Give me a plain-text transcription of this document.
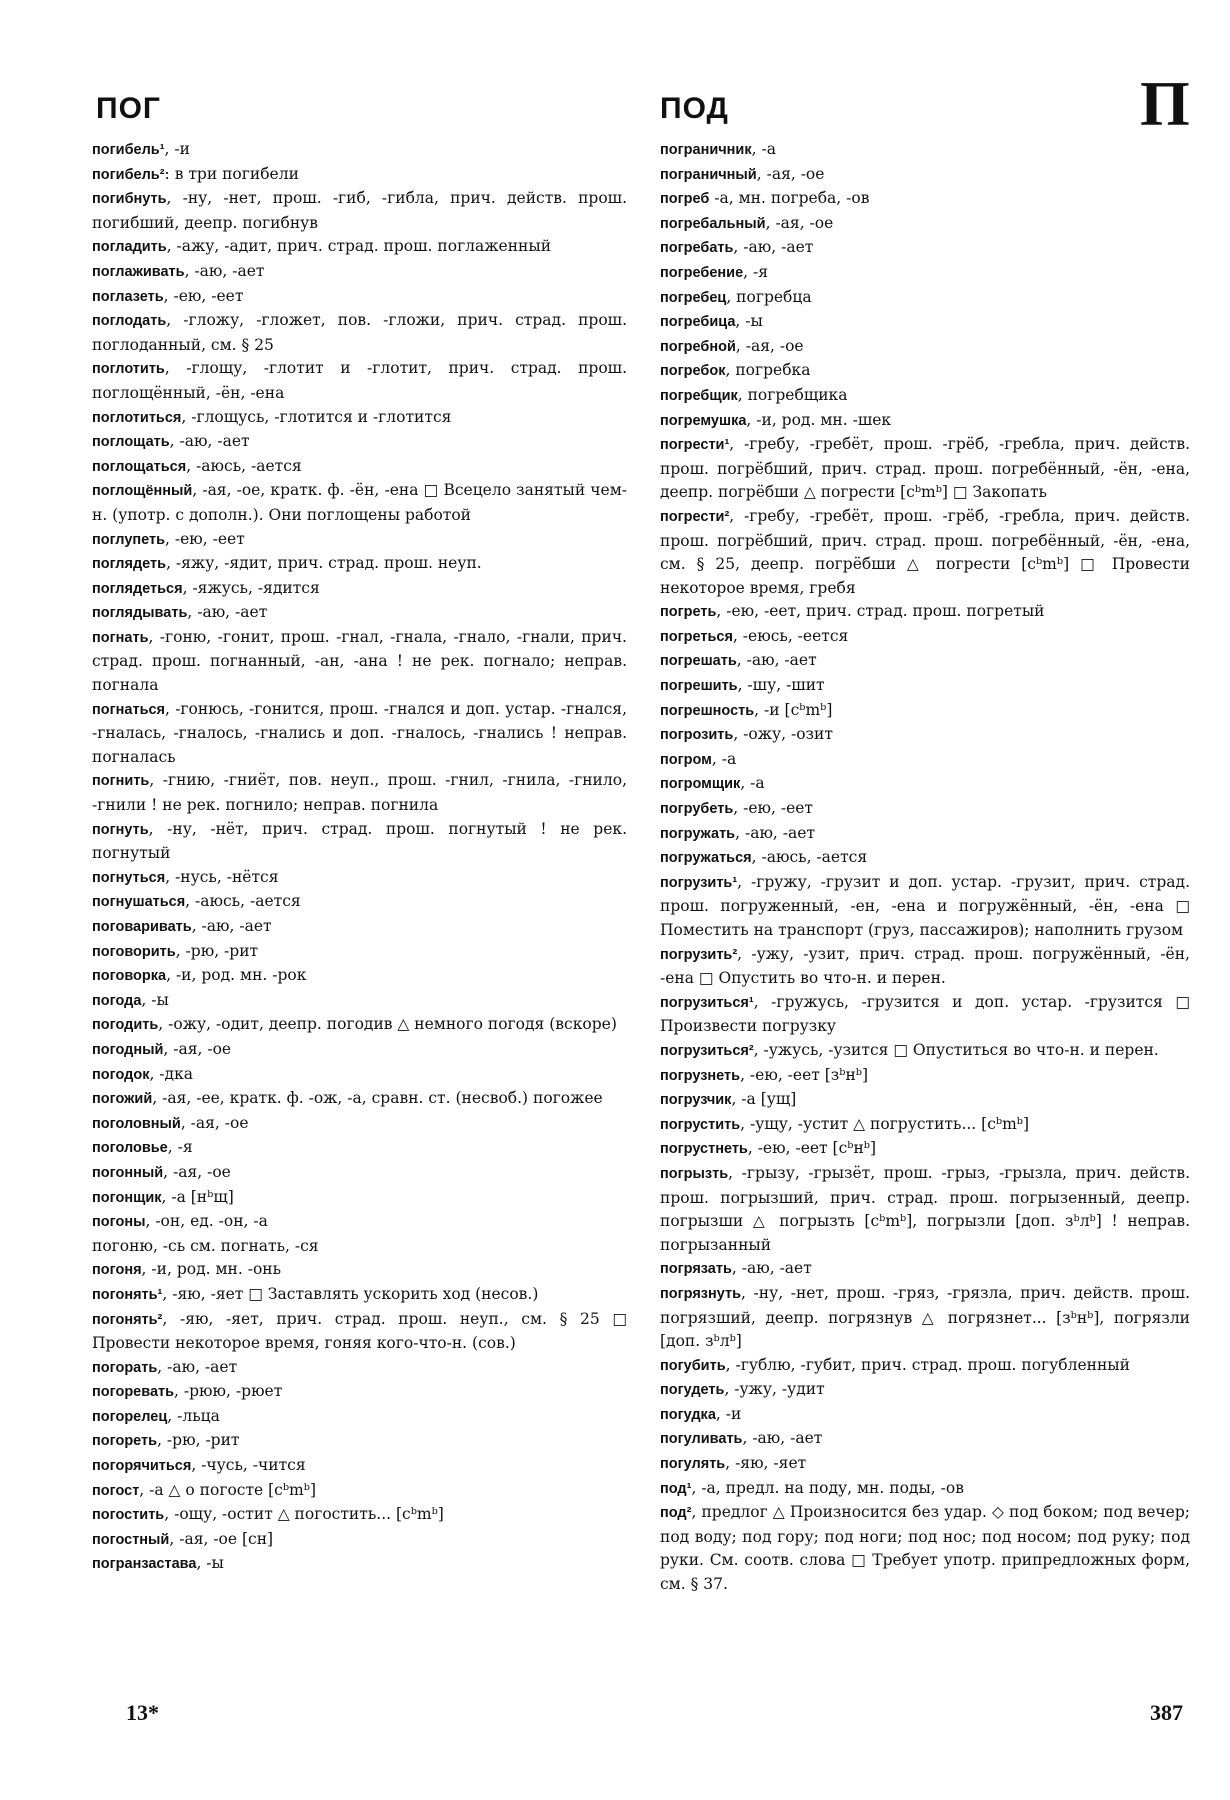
ПОГ	ПОД	П
погибель¹, -и
погибель²: в три погибели
погибнуть, -ну, -нет, прош. -гиб, -гибла, прич. действ. прош. погибший, деепр. погибнув
погладить, -ажу, -адит, прич. страд. прош. поглаженный
поглаживать, -аю, -ает
поглазеть, -ею, -еет
поглодать, -гложу, -гложет, пов. -гложи, прич. страд. прош. поглоданный, см. § 25
поглотить, -глощу, -глотит и -глотит, прич. страд. прош. поглощённый, -ён, -ена
поглотиться, -глощусь, -глотится и -глотится
поглощать, -аю, -ает
поглощаться, -аюсь, -ается
поглощённый, -ая, -ое, кратк. ф. -ён, -ена □ Всецело занятый чем-н. (употр. с дополн.). Они поглощены работой
поглупеть, -ею, -еет
поглядеть, -яжу, -ядит, прич. страд. прош. неуп.
поглядеться, -яжусь, -ядится
поглядывать, -аю, -ает
погнать, -гоню, -гонит, прош. -гнал, -гнала, -гнало, -гнали, прич. страд. прош. погнанный, -ан, -ана ! не рек. погнало; неправ. погнала
погнаться, -гонюсь, -гонится, прош. -гнался и доп. устар. -гнался, -гналась, -гналось, -гнались и доп. -гналось, -гнались ! неправ. погналась
погнить, -гнию, -гниёт, пов. неуп., прош. -гнил, -гнила, -гнило, -гнили ! не рек. погнило; неправ. погнила
погнуть, -ну, -нёт, прич. страд. прош. погнутый ! не рек. погнутый
погнуться, -нусь, -нётся
погнушаться, -аюсь, -ается
поговаривать, -аю, -ает
поговорить, -рю, -рит
поговорка, -и, род. мн. -рок
погода, -ы
погодить, -ожу, -одит, деепр. погодив △ немного погодя (вскоре)
погодный, -ая, -ое
погодок, -дка
погожий, -ая, -ее, кратк. ф. -ож, -а, сравн. ст. (несвоб.) погожее
поголовный, -ая, -ое
поголовье, -я
погонный, -ая, -ое
погонщик, -а [нᵇщ]
погоны, -он, ед. -он, -а
погоню, -сь см. погнать, -ся
погоня, -и, род. мн. -онь
погонять¹, -яю, -яет □ Заставлять ускорить ход (несов.)
погонять², -яю, -яет, прич. страд. прош. неуп., см. § 25 □ Провести некоторое время, гоняя кого-что-н. (сов.)
погорать, -аю, -ает
погоревать, -рюю, -рюет
погорелец, -льца
погореть, -рю, -рит
погорячиться, -чусь, -чится
погост, -а △ о погосте [cᵇmᵇ]
погостить, -ощу, -остит △ погостить... [cᵇmᵇ]
погостный, -ая, -ое [сн]
погранзастава, -ы
пограничник, -а
пограничный, -ая, -ое
погреб -а, мн. погреба, -ов
погребальный, -ая, -ое
погребать, -аю, -ает
погребение, -я
погребец, погребца
погребица, -ы
погребной, -ая, -ое
погребок, погребка
погребщик, погребщика
погремушка, -и, род. мн. -шек
погрести¹, -гребу, -гребёт, прош. -грёб, -гребла, прич. действ. прош. погрёбший, прич. страд. прош. погребённый, -ён, -ена, деепр. погрёбши △ погрести [cᵇmᵇ] □ Закопать
погрести², -гребу, -гребёт, прош. -грёб, -гребла, прич. действ. прош. погрёбший, прич. страд. прош. погребённый, -ён, -ена, см. § 25, деепр. погрёбши △ погрести [cᵇmᵇ] □ Провести некоторое время, гребя
погреть, -ею, -еет, прич. страд. прош. погретый
погреться, -еюсь, -еется
погрешать, -аю, -ает
погрешить, -шу, -шит
погрешность, -и [cᵇmᵇ]
погрозить, -ожу, -озит
погром, -а
погромщик, -а
погрубеть, -ею, -еет
погружать, -аю, -ает
погружаться, -аюсь, -ается
погрузить¹, -гружу, -грузит и доп. устар. -грузит, прич. страд. прош. погруженный, -ен, -ена и погружённый, -ён, -ена □ Поместить на транспорт (груз, пассажиров); наполнить грузом
погрузить², -ужу, -узит, прич. страд. прош. погружённый, -ён, -ена □ Опустить во что-н. и перен.
погрузиться¹, -гружусь, -грузится и доп. устар. -грузится □ Произвести погрузку
погрузиться², -ужусь, -узится □ Опуститься во что-н. и перен.
погрузнеть, -ею, -еет [зᵇнᵇ]
погрузчик, -а [ущ]
погрустить, -ущу, -устит △ погрустить... [cᵇmᵇ]
погрустнеть, -ею, -еет [cᵇнᵇ]
погрызть, -грызу, -грызёт, прош. -грыз, -грызла, прич. действ. прош. погрызший, прич. страд. прош. погрызенный, деепр. погрызши △ погрызть [cᵇmᵇ], погрызли [доп. зᵇлᵇ] ! неправ. погрызанный
погрязать, -аю, -ает
погрязнуть, -ну, -нет, прош. -гряз, -грязла, прич. действ. прош. погрязший, деепр. погрязнув △ погрязнет... [зᵇнᵇ], погрязли [доп. зᵇлᵇ]
погубить, -гублю, -губит, прич. страд. прош. погубленный
погудеть, -ужу, -удит
погудка, -и
погуливать, -аю, -ает
погулять, -яю, -яет
под¹, -а, предл. на поду, мн. поды, -ов
под², предлог △ Произносится без удар. ◇ под боком; под вечер; под воду; под гору; под ноги; под нос; под носом; под руку; под руки. См. соотв. слова □ Требует употр. припредложных форм, см. § 37.
13*	387
